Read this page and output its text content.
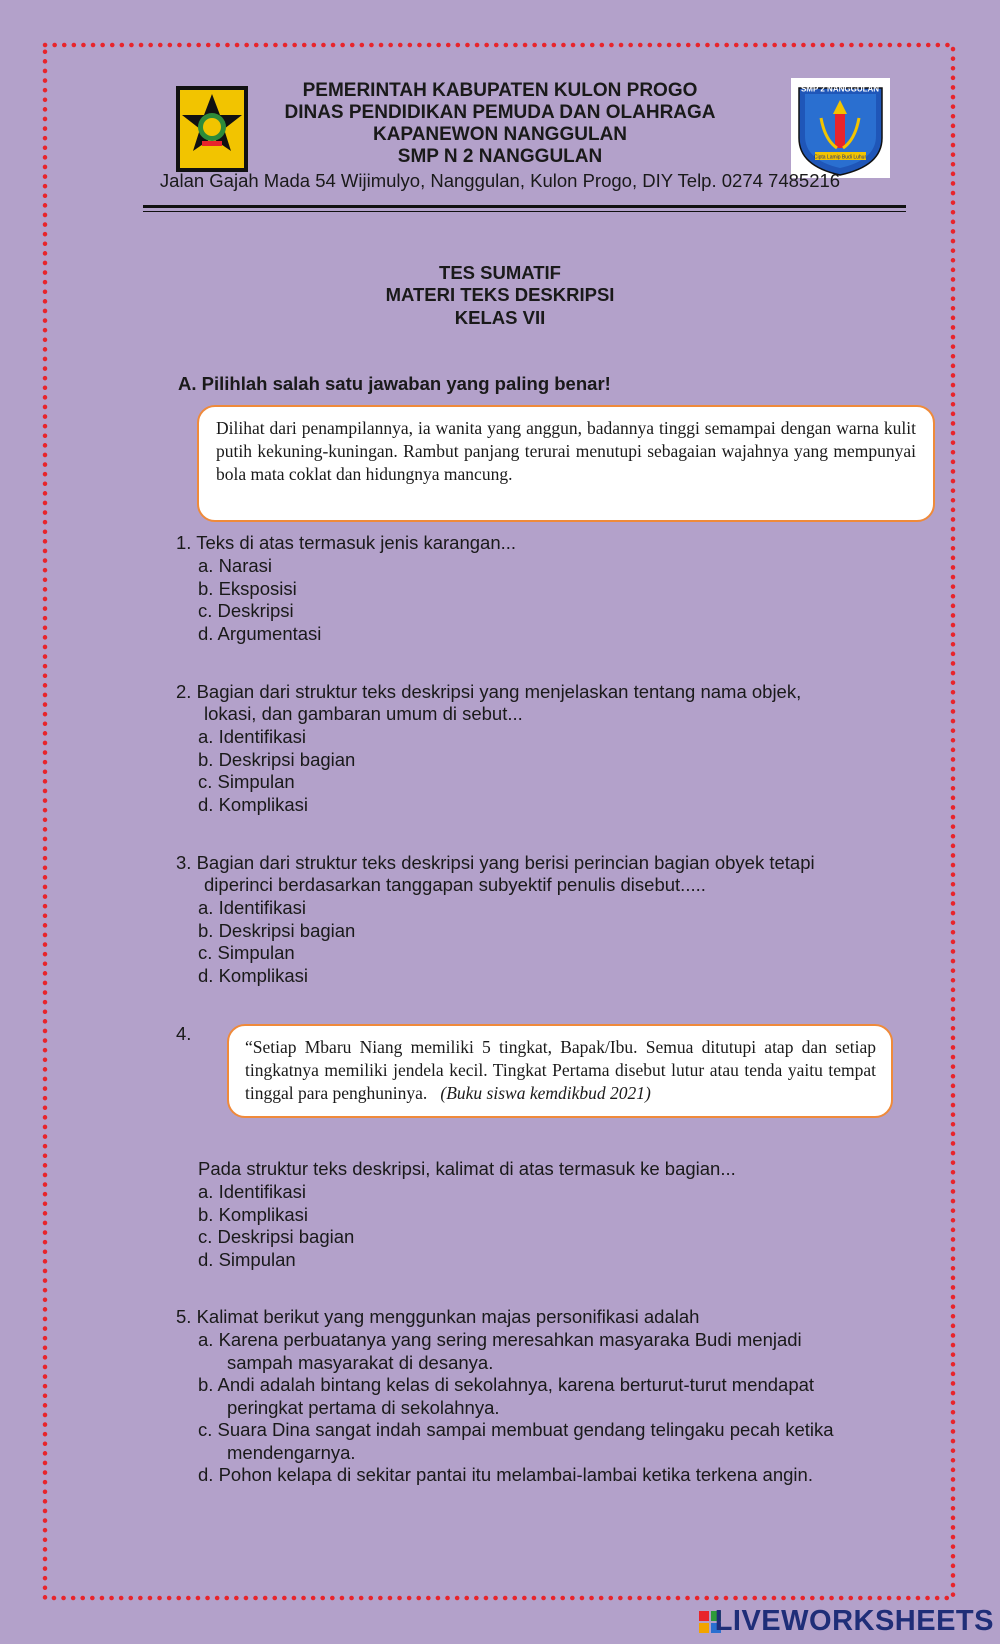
SMP 2 NANGGULAN
Cipta Lamip Budi Luhur
PEMERINTAH KABUPATEN KULON PROGO
DINAS PENDIDIKAN PEMUDA DAN OLAHRAGA
KAPANEWON NANGGULAN
SMP N 2 NANGGULAN
Jalan Gajah Mada 54 Wijimulyo, Nanggulan, Kulon Progo, DIY Telp. 0274 7485216
TES SUMATIF
MATERI TEKS DESKRIPSI
KELAS VII
A. Pilihlah salah satu jawaban yang paling benar!
Dilihat dari penampilannya, ia wanita yang anggun, badannya tinggi semampai dengan warna kulit putih kekuning-kuningan. Rambut panjang terurai menutupi sebagaian wajahnya yang mempunyai bola mata coklat dan hidungnya mancung.
1. Teks di atas termasuk jenis karangan...
a. Narasi
b. Eksposisi
c. Deskripsi
d. Argumentasi
2. Bagian dari struktur teks deskripsi yang menjelaskan tentang nama objek,
lokasi, dan gambaran umum di sebut...
a. Identifikasi
b. Deskripsi bagian
c. Simpulan
d. Komplikasi
3. Bagian dari struktur teks deskripsi yang berisi perincian bagian obyek tetapi
diperinci berdasarkan tanggapan subyektif penulis disebut.....
a. Identifikasi
b. Deskripsi bagian
c. Simpulan
d. Komplikasi
4.
“Setiap Mbaru Niang memiliki 5 tingkat, Bapak/Ibu. Semua ditutupi atap dan setiap tingkatnya memiliki jendela kecil. Tingkat Pertama disebut lutur atau tenda yaitu tempat tinggal para penghuninya. (Buku siswa kemdikbud 2021)
Pada struktur teks deskripsi, kalimat di atas termasuk ke bagian...
a. Identifikasi
b. Komplikasi
c. Deskripsi bagian
d. Simpulan
5. Kalimat berikut yang menggunkan majas personifikasi adalah
a. Karena perbuatanya yang sering meresahkan masyaraka Budi menjadi
sampah masyarakat di desanya.
b. Andi adalah bintang kelas di sekolahnya, karena berturut-turut mendapat
peringkat pertama di sekolahnya.
c. Suara Dina sangat indah sampai membuat gendang telingaku pecah ketika
mendengarnya.
d. Pohon kelapa di sekitar pantai itu melambai-lambai ketika terkena angin.
LIVEWORKSHEETS
